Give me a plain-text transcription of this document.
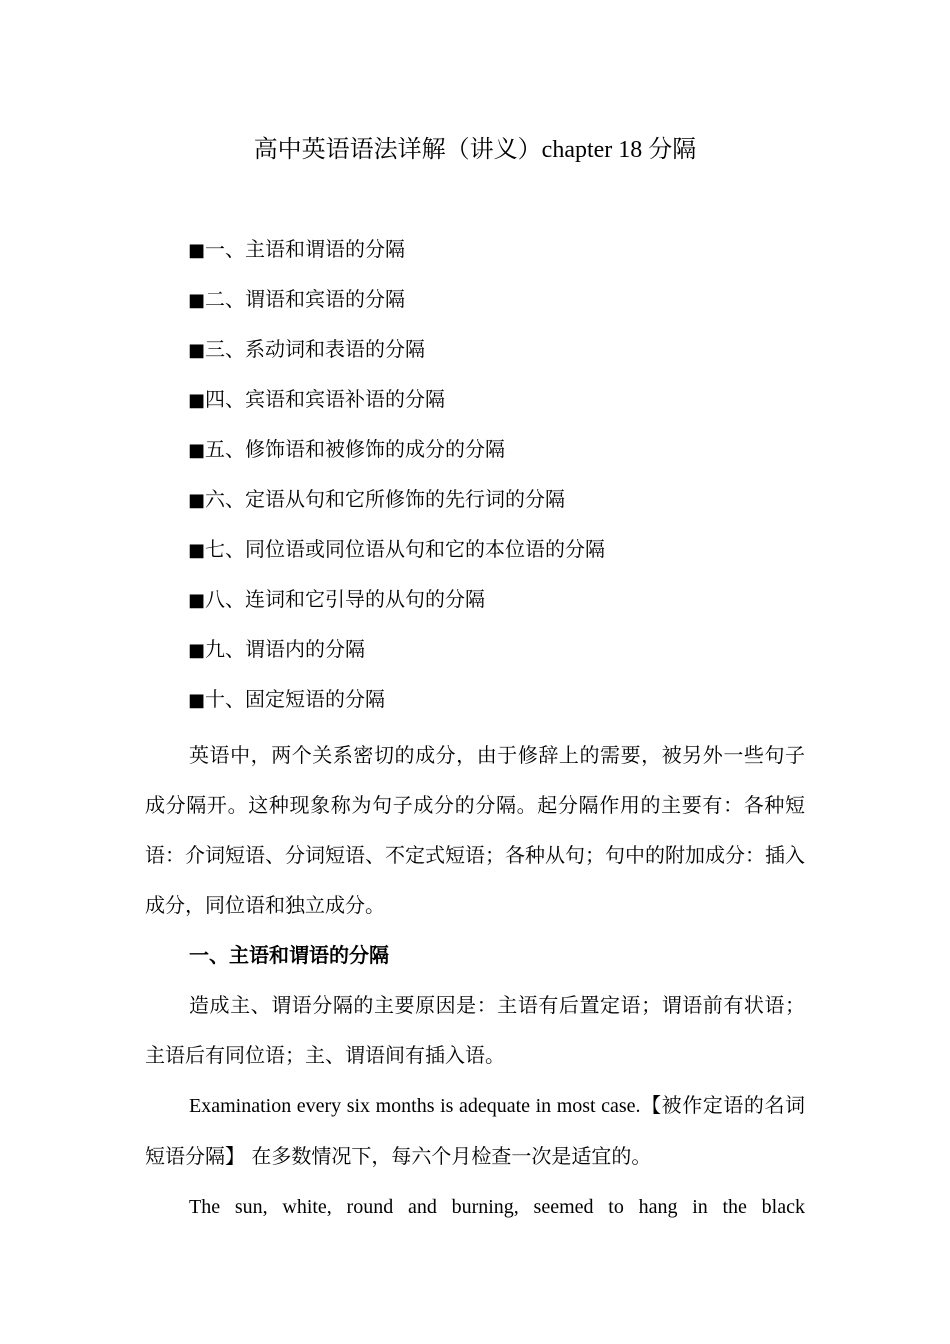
高中英语语法详解（讲义）chapter 18 分隔
■一、主语和谓语的分隔
■二、谓语和宾语的分隔
■三、系动词和表语的分隔
■四、宾语和宾语补语的分隔
■五、修饰语和被修饰的成分的分隔
■六、定语从句和它所修饰的先行词的分隔
■七、同位语或同位语从句和它的本位语的分隔
■八、连词和它引导的从句的分隔
■九、谓语内的分隔
■十、固定短语的分隔

英语中，两个关系密切的成分，由于修辞上的需要，被另外一些句子成分隔开。这种现象称为句子成分的分隔。起分隔作用的主要有：各种短语：介词短语、分词短语、不定式短语；各种从句；句中的附加成分：插入成分，同位语和独立成分。

一、主语和谓语的分隔

造成主、谓语分隔的主要原因是：主语有后置定语；谓语前有状语；主语后有同位语；主、谓语间有插入语。

Examination every six months is adequate in most case.【被作定语的名词短语分隔】 在多数情况下，每六个月检查一次是适宜的。

The sun, white, round and burning, seemed to hang in the black
